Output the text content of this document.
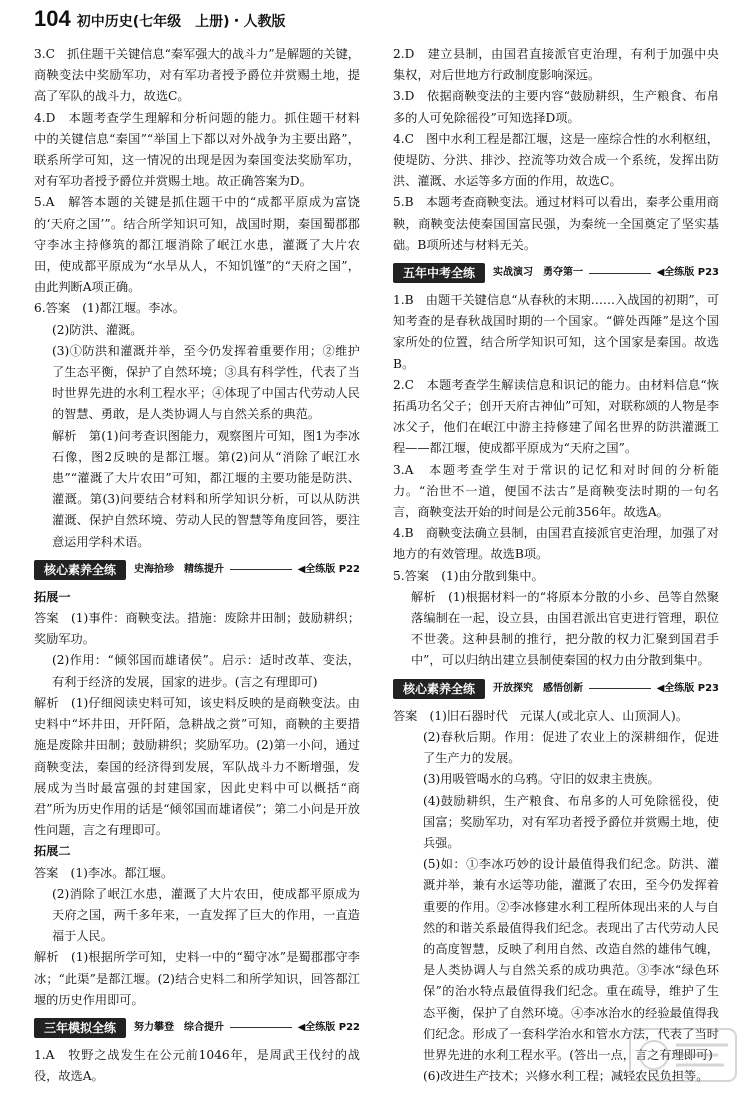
104 初中历史(七年级　上册)・人教版

3.C　抓住题干关键信息“秦军强大的战斗力”是解题的关键，商鞅变法中奖励军功，对有军功者授予爵位并赏赐土地，提高了军队的战斗力，故选C。

4.D　本题考查学生理解和分析问题的能力。抓住题干材料中的关键信息“秦国”“举国上下都以对外战争为主要出路”，联系所学可知，这一情况的出现是因为秦国变法奖励军功，对有军功者授予爵位并赏赐土地。故正确答案为D。

5.A　解答本题的关键是抓住题干中的“成都平原成为富饶的‘天府之国’”。结合所学知识可知，战国时期，秦国蜀郡郡守李冰主持修筑的都江堰消除了岷江水患，灌溉了大片农田，使成都平原成为“水旱从人，不知饥馑”的“天府之国”，由此判断A项正确。

6.答案　(1)都江堰。李冰。

(2)防洪、灌溉。

(3)①防洪和灌溉并举，至今仍发挥着重要作用；②维护了生态平衡，保护了自然环境；③具有科学性，代表了当时世界先进的水利工程水平；④体现了中国古代劳动人民的智慧、勇敢，是人类协调人与自然关系的典范。

解析　第(1)问考查识图能力，观察图片可知，图1为李冰石像，图2反映的是都江堰。第(2)问从“消除了岷江水患”“灌溉了大片农田”可知，都江堰的主要功能是防洪、灌溉。第(3)问要结合材料和所学知识分析，可以从防洪灌溉、保护自然环境、劳动人民的智慧等角度回答，要注意运用学科术语。

核心素养全练	史海拾珍　精练提升	◀全练版 P22

拓展一

答案　(1)事件：商鞅变法。措施：废除井田制；鼓励耕织；奖励军功。

(2)作用：“倾邻国而雄诸侯”。启示：适时改革、变法，有利于经济的发展，国家的进步。(言之有理即可)

解析　(1)仔细阅读史料可知，该史料反映的是商鞅变法。由史料中“坏井田，开阡陌，急耕战之赏”可知，商鞅的主要措施是废除井田制；鼓励耕织；奖励军功。(2)第一小问，通过商鞅变法，秦国的经济得到发展，军队战斗力不断增强，发展成为当时最富强的封建国家，因此史料中可以概括“商君”所为历史作用的话是“倾邻国而雄诸侯”；第二小问是开放性问题，言之有理即可。

拓展二

答案　(1)李冰。都江堰。

(2)消除了岷江水患，灌溉了大片农田，使成都平原成为天府之国，两千多年来，一直发挥了巨大的作用，一直造福于人民。

解析　(1)根据所学可知，史料一中的“蜀守冰”是蜀郡郡守李冰；“此渠”是都江堰。(2)结合史料二和所学知识，回答都江堰的历史作用即可。

三年模拟全练	努力攀登　综合提升	◀全练版 P22

1.A　牧野之战发生在公元前1046年，是周武王伐纣的战役，故选A。

2.D　建立县制，由国君直接派官吏治理，有利于加强中央集权，对后世地方行政制度影响深远。

3.D　依据商鞅变法的主要内容“鼓励耕织，生产粮食、布帛多的人可免除徭役”可知选择D项。

4.C　图中水利工程是都江堰，这是一座综合性的水利枢纽，使堤防、分洪、排沙、控流等功效合成一个系统，发挥出防洪、灌溉、水运等多方面的作用，故选C。

5.B　本题考查商鞅变法。通过材料可以看出，秦孝公重用商鞅，商鞅变法使秦国国富民强，为秦统一全国奠定了坚实基础。B项所述与材料无关。

五年中考全练	实战演习　勇夺第一	◀全练版 P23

1.B　由题干关键信息“从春秋的末期……入战国的初期”，可知考查的是春秋战国时期的一个国家。“僻处西陲”是这个国家所处的位置，结合所学知识可知，这个国家是秦国。故选B。

2.C　本题考查学生解读信息和识记的能力。由材料信息“恢拓禹功名父子；创开天府古神仙”可知，对联称颂的人物是李冰父子，他们在岷江中游主持修建了闻名世界的防洪灌溉工程——都江堰，使成都平原成为“天府之国”。

3.A　本题考查学生对于常识的记忆和对时间的分析能力。“治世不一道，便国不法古”是商鞅变法时期的一句名言，商鞅变法开始的时间是公元前356年。故选A。

4.B　商鞅变法确立县制，由国君直接派官吏治理，加强了对地方的有效管理。故选B项。

5.答案　(1)由分散到集中。

解析　(1)根据材料一的“将原本分散的小乡、邑等自然聚落编制在一起，设立县，由国君派出官吏进行管理，职位不世袭。这种县制的推行，把分散的权力汇聚到国君手中”，可以归纳出建立县制使秦国的权力由分散到集中。

核心素养全练	开放探究　感悟创新	◀全练版 P23

答案　(1)旧石器时代　元谋人(或北京人、山顶洞人)。

(2)春秋后期。作用：促进了农业上的深耕细作，促进了生产力的发展。

(3)用吸管喝水的乌鸦。守旧的奴隶主贵族。

(4)鼓励耕织，生产粮食、布帛多的人可免除徭役，使国富；奖励军功，对有军功者授予爵位并赏赐土地，使兵强。

(5)如：①李冰巧妙的设计最值得我们纪念。防洪、灌溉并举，兼有水运等功能，灌溉了农田，至今仍发挥着重要的作用。②李冰修建水利工程所体现出来的人与自然的和谐关系最值得我们纪念。表现出了古代劳动人民的高度智慧，反映了利用自然、改造自然的雄伟气魄，是人类协调人与自然关系的成功典范。③李冰“绿色环保”的治水特点最值得我们纪念。重在疏导，维护了生态平衡，保护了自然环境。④李冰治水的经验最值得我们纪念。形成了一套科学治水和管水方法，代表了当时世界先进的水利工程水平。(答出一点，言之有理即可)

(6)改进生产技术；兴修水利工程；减轻农民负担等。
